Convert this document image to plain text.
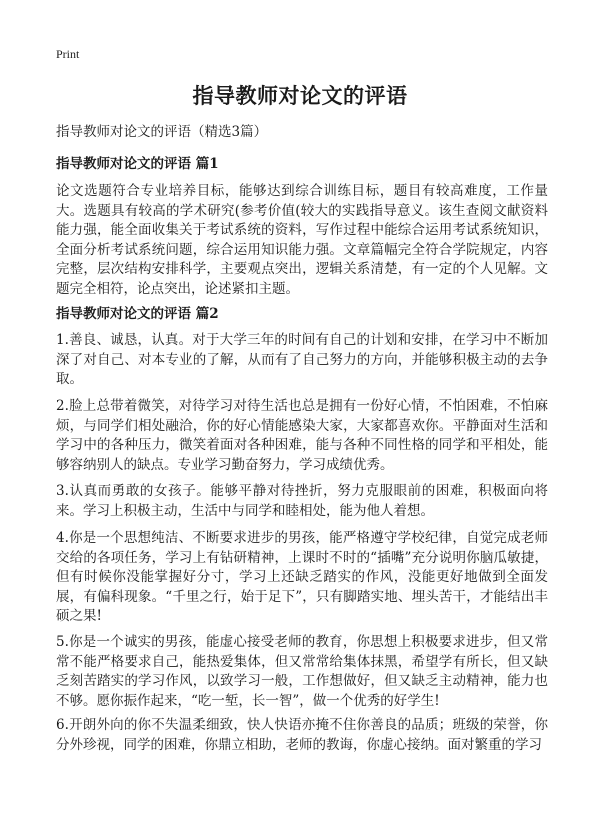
Print
指导教师对论文的评语

指导教师对论文的评语（精选3篇）

指导教师对论文的评语 篇1

论文选题符合专业培养目标，能够达到综合训练目标，题目有较高难度，工作量大。选题具有较高的学术研究(参考价值(较大的实践指导意义。该生查阅文献资料能力强，能全面收集关于考试系统的资料，写作过程中能综合运用考试系统知识，全面分析考试系统问题，综合运用知识能力强。文章篇幅完全符合学院规定，内容完整，层次结构安排科学，主要观点突出，逻辑关系清楚，有一定的个人见解。文题完全相符，论点突出，论述紧扣主题。

指导教师对论文的评语 篇2

1.善良、诚恳，认真。对于大学三年的时间有自己的计划和安排，在学习中不断加深了对自己、对本专业的了解，从而有了自己努力的方向，并能够积极主动的去争取。

2.脸上总带着微笑，对待学习对待生活也总是拥有一份好心情，不怕困难，不怕麻烦，与同学们相处融洽，你的好心情能感染大家，大家都喜欢你。平静面对生活和学习中的各种压力，微笑着面对各种困难，能与各种不同性格的同学和平相处，能够容纳别人的缺点。专业学习勤奋努力，学习成绩优秀。

3.认真而勇敢的女孩子。能够平静对待挫折，努力克服眼前的困难，积极面向将来。学习上积极主动，生活中与同学和睦相处，能为他人着想。

4.你是一个思想纯洁、不断要求进步的男孩，能严格遵守学校纪律，自觉完成老师交给的各项任务，学习上有钻研精神，上课时不时的“插嘴”充分说明你脑瓜敏捷，但有时候你没能掌握好分寸，学习上还缺乏踏实的作风，没能更好地做到全面发展，有偏科现象。“千里之行，始于足下”，只有脚踏实地、埋头苦干，才能结出丰硕之果!

5.你是一个诚实的男孩，能虚心接受老师的教育，你思想上积极要求进步，但又常常不能严格要求自己，能热爱集体，但又常常给集体抹黑，希望学有所长，但又缺乏刻苦踏实的学习作风，以致学习一般，工作想做好，但又缺乏主动精神，能力也不够。愿你振作起来，“吃一堑，长一智”，做一个优秀的好学生!

6.开朗外向的你不失温柔细致，快人快语亦掩不住你善良的品质；班级的荣誉，你分外珍视，同学的困难，你鼎立相助，老师的教诲，你虚心接纳。面对繁重的学习
